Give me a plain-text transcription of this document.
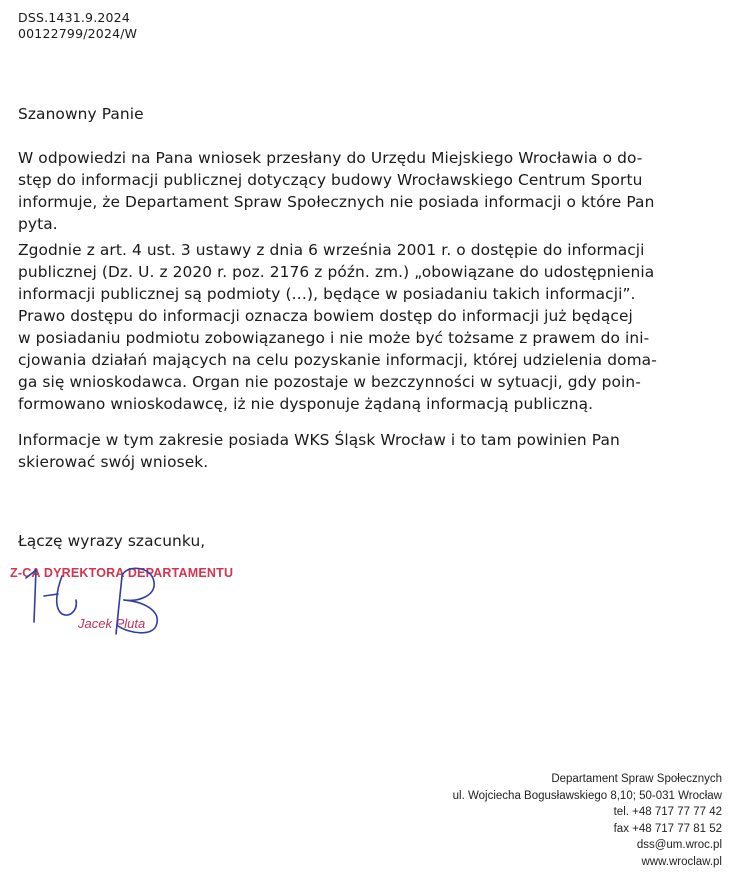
DSS.1431.9.2024
00122799/2024/W
Szanowny Panie
W odpowiedzi na Pana wniosek przesłany do Urzędu Miejskiego Wrocławia o do-
stęp do informacji publicznej dotyczący budowy Wrocławskiego Centrum Sportu
informuje, że Departament Spraw Społecznych nie posiada informacji o które Pan
pyta.
Zgodnie z art. 4 ust. 3 ustawy z dnia 6 września 2001 r. o dostępie do informacji
publicznej (Dz. U. z 2020 r. poz. 2176 z późn. zm.) „obowiązane do udostępnienia
informacji publicznej są podmioty (…), będące w posiadaniu takich informacji”.
Prawo dostępu do informacji oznacza bowiem dostęp do informacji już będącej
w posiadaniu podmiotu zobowiązanego i nie może być tożsame z prawem do ini-
cjowania działań mających na celu pozyskanie informacji, której udzielenia doma-
ga się wnioskodawca. Organ nie pozostaje w bezczynności w sytuacji, gdy poin-
formowano wnioskodawcę, iż nie dysponuje żądaną informacją publiczną.
Informacje w tym zakresie posiada WKS Śląsk Wrocław i to tam powinien Pan
skierować swój wniosek.
Łączę wyrazy szacunku,
Z-CA DYREKTORA DEPARTAMENTU
Jacek Pluta
Departament Spraw Społecznych
ul. Wojciecha Bogusławskiego 8,10; 50-031 Wrocław
tel. +48 717 77 77 42
fax +48 717 77 81 52
dss@um.wroc.pl
www.wroclaw.pl
